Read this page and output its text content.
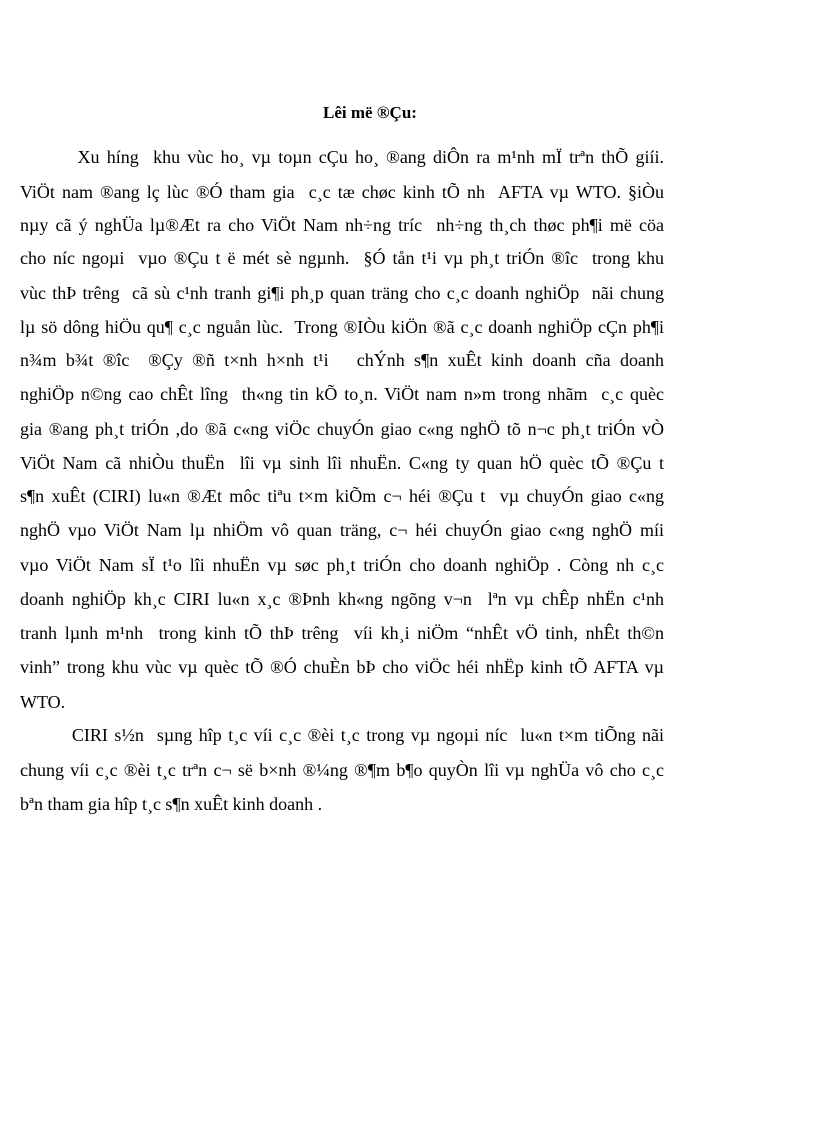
Lêi më ®Çu:
Xu híng  khu vùc ho¸ vµ toµn cÇu ho¸ ®ang diÔn ra m¹nh mÏ trªn thÕ giíi.
ViÖt nam ®ang lç lùc ®Ó tham gia  c¸c tæ chøc kinh tÕ nh  AFTA vµ WTO. §iÒu
nµy cã ý nghÜa lµ®Æt ra cho ViÖt Nam nh÷ng tríc  nh÷ng th¸ch thøc ph¶i më cöa
cho níc ngoµi  vµo ®Çu t ë mét sè ngµnh.  §Ó tån t¹i vµ ph¸t triÓn ®îc  trong khu
vùc thÞ trêng  cã sù c¹nh tranh gi¶i ph¸p quan träng cho c¸c doanh nghiÖp  nãi chung
lµ sö dông hiÖu qu¶ c¸c nguån lùc.  Trong ®IÒu kiÖn ®ã c¸c doanh nghiÖp cÇn ph¶i
n¾m b¾t ®îc  ®Çy ®ñ t×nh h×nh t¹i   chÝnh s¶n xuÊt kinh doanh cña doanh
nghiÖp n©ng cao chÊt lîng  th«ng tin kÕ to¸n. ViÖt nam n»m trong nhãm  c¸c quèc
gia ®ang ph¸t triÓn ,do ®ã c«ng viÖc chuyÓn giao c«ng nghÖ tõ n¬c ph¸t triÓn vÒ
ViÖt Nam cã nhiÒu thuËn  lîi vµ sinh lîi nhuËn. C«ng ty quan hÖ quèc tÕ ®Çu t
s¶n xuÊt (CIRI) lu«n ®Æt môc tiªu t×m kiÕm c¬ héi ®Çu t  vµ chuyÓn giao c«ng
nghÖ vµo ViÖt Nam lµ nhiÖm vô quan träng, c¬ héi chuyÓn giao c«ng nghÖ míi
vµo ViÖt Nam sÏ t¹o lîi nhuËn vµ søc ph¸t triÓn cho doanh nghiÖp . Còng nh c¸c
doanh nghiÖp kh¸c CIRI lu«n x¸c ®Þnh kh«ng ngõng v¬n  lªn vµ chÊp nhËn c¹nh
tranh lµnh m¹nh  trong kinh tÕ thÞ trêng  víi kh¸i niÖm “nhÊt vÖ tinh, nhÊt th©n
vinh” trong khu vùc vµ quèc tÕ ®Ó chuÈn bÞ cho viÖc héi nhËp kinh tÕ AFTA vµ
WTO.
CIRI s½n  sµng hîp t¸c víi c¸c ®èi t¸c trong vµ ngoµi níc  lu«n t×m tiÕng nãi
chung víi c¸c ®èi t¸c trªn c¬ së b×nh ®¼ng ®¶m b¶o quyÒn lîi vµ nghÜa vô cho c¸c
bªn tham gia hîp t¸c s¶n xuÊt kinh doanh .
